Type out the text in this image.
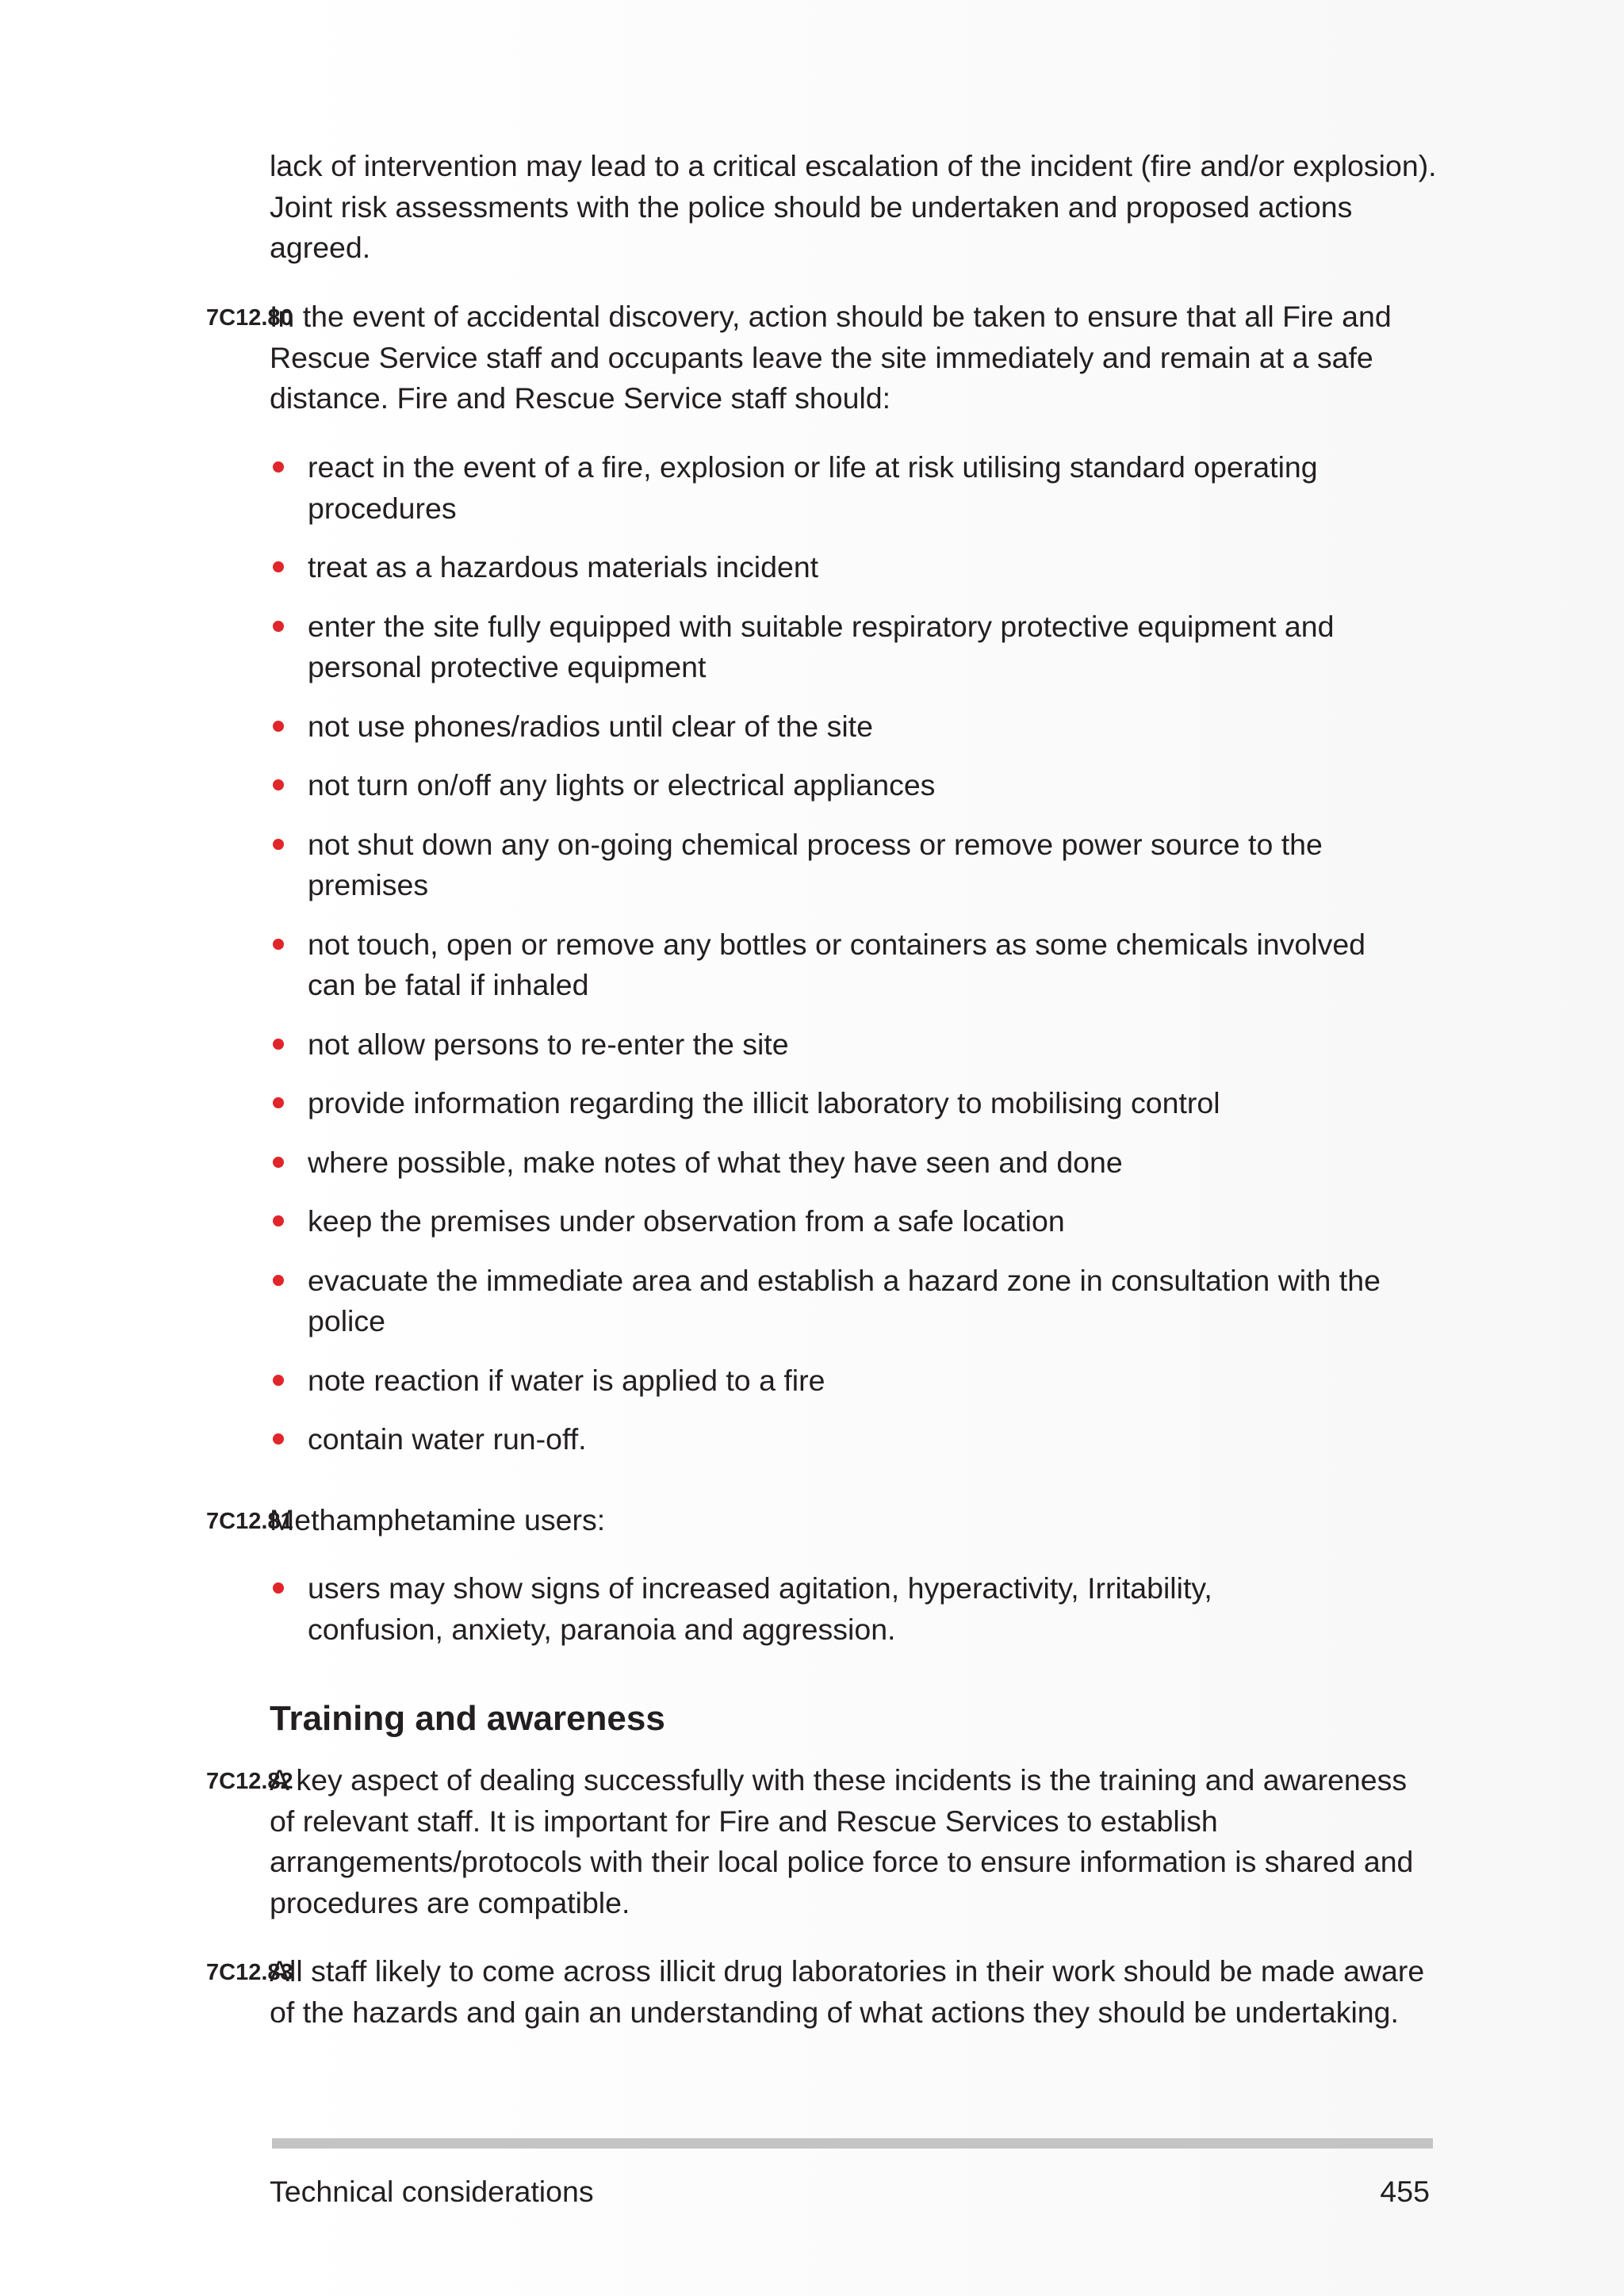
lack of intervention may lead to a critical escalation of the incident (fire and/or explosion). Joint risk assessments with the police should be undertaken and proposed actions agreed.

7C12.80

In the event of accidental discovery, action should be taken to ensure that all Fire and Rescue Service staff and occupants leave the site immediately and remain at a safe distance. Fire and Rescue Service staff should:

react in the event of a fire, explosion or life at risk utilising standard operating procedures
treat as a hazardous materials incident
enter the site fully equipped with suitable respiratory protective equipment and personal protective equipment
not use phones/radios until clear of the site
not turn on/off any lights or electrical appliances
not shut down any on-going chemical process or remove power source to the premises
not touch, open or remove any bottles or containers as some chemicals involved can be fatal if inhaled
not allow persons to re-enter the site
provide information regarding the illicit laboratory to mobilising control
where possible, make notes of what they have seen and done
keep the premises under observation from a safe location
evacuate the immediate area and establish a hazard zone in consultation with the police
note reaction if water is applied to a fire
contain water run-off.
7C12.81

Methamphetamine users:

users may show signs of increased agitation, hyperactivity, Irritability, confusion, anxiety, paranoia and aggression.
Training and awareness
7C12.82

A key aspect of dealing successfully with these incidents is the training and awareness of relevant staff. It is important for Fire and Rescue Services to establish arrangements/protocols with their local police force to ensure information is shared and procedures are compatible.

7C12.83

All staff likely to come across illicit drug laboratories in their work should be made aware of the hazards and gain an understanding of what actions they should be undertaking.

Technical considerations	455
